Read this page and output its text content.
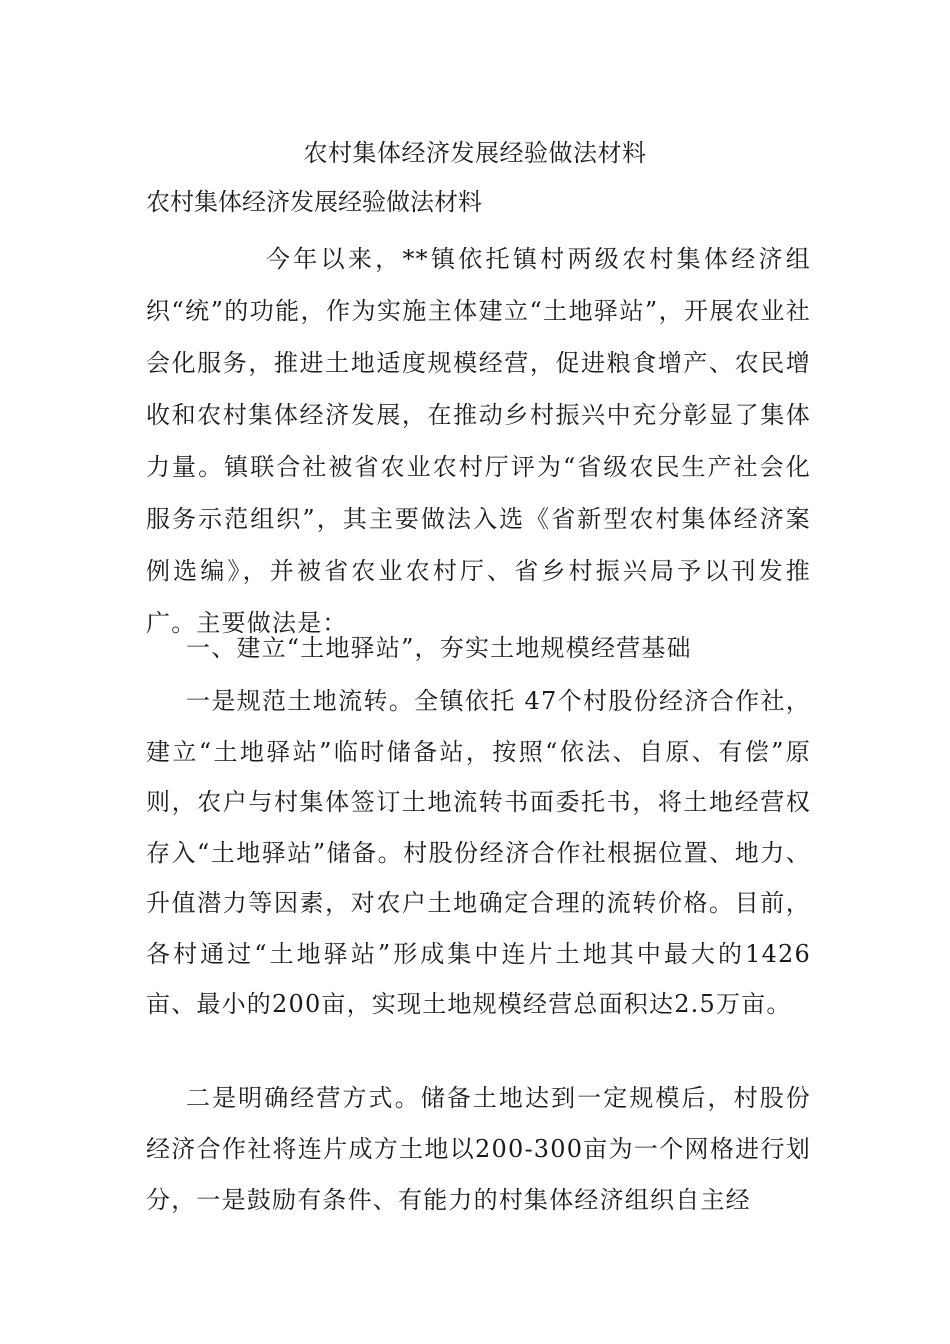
农村集体经济发展经验做法材料
农村集体经济发展经验做法材料

今年以来，**镇依托镇村两级农村集体经济组织“统”的功能，作为实施主体建立“土地驿站”，开展农业社会化服务，推进土地适度规模经营，促进粮食增产、农民增收和农村集体经济发展，在推动乡村振兴中充分彰显了集体力量。镇联合社被省农业农村厅评为“省级农民生产社会化服务示范组织”，其主要做法入选《省新型农村集体经济案例选编》，并被省农业农村厅、省乡村振兴局予以刊发推广。主要做法是：

一、建立“土地驿站”，夯实土地规模经营基础

一是规范土地流转。全镇依托 47个村股份经济合作社，建立“土地驿站”临时储备站，按照“依法、自原、有偿”原则，农户与村集体签订土地流转书面委托书，将土地经营权存入“土地驿站”储备。村股份经济合作社根据位置、地力、升值潜力等因素，对农户土地确定合理的流转价格。目前，各村通过“土地驿站”形成集中连片土地其中最大的1426亩、最小的200亩，实现土地规模经营总面积达2.5万亩。

二是明确经营方式。储备土地达到一定规模后，村股份经济合作社将连片成方土地以200-300亩为一个网格进行划分，一是鼓励有条件、有能力的村集体经济组织自主经
